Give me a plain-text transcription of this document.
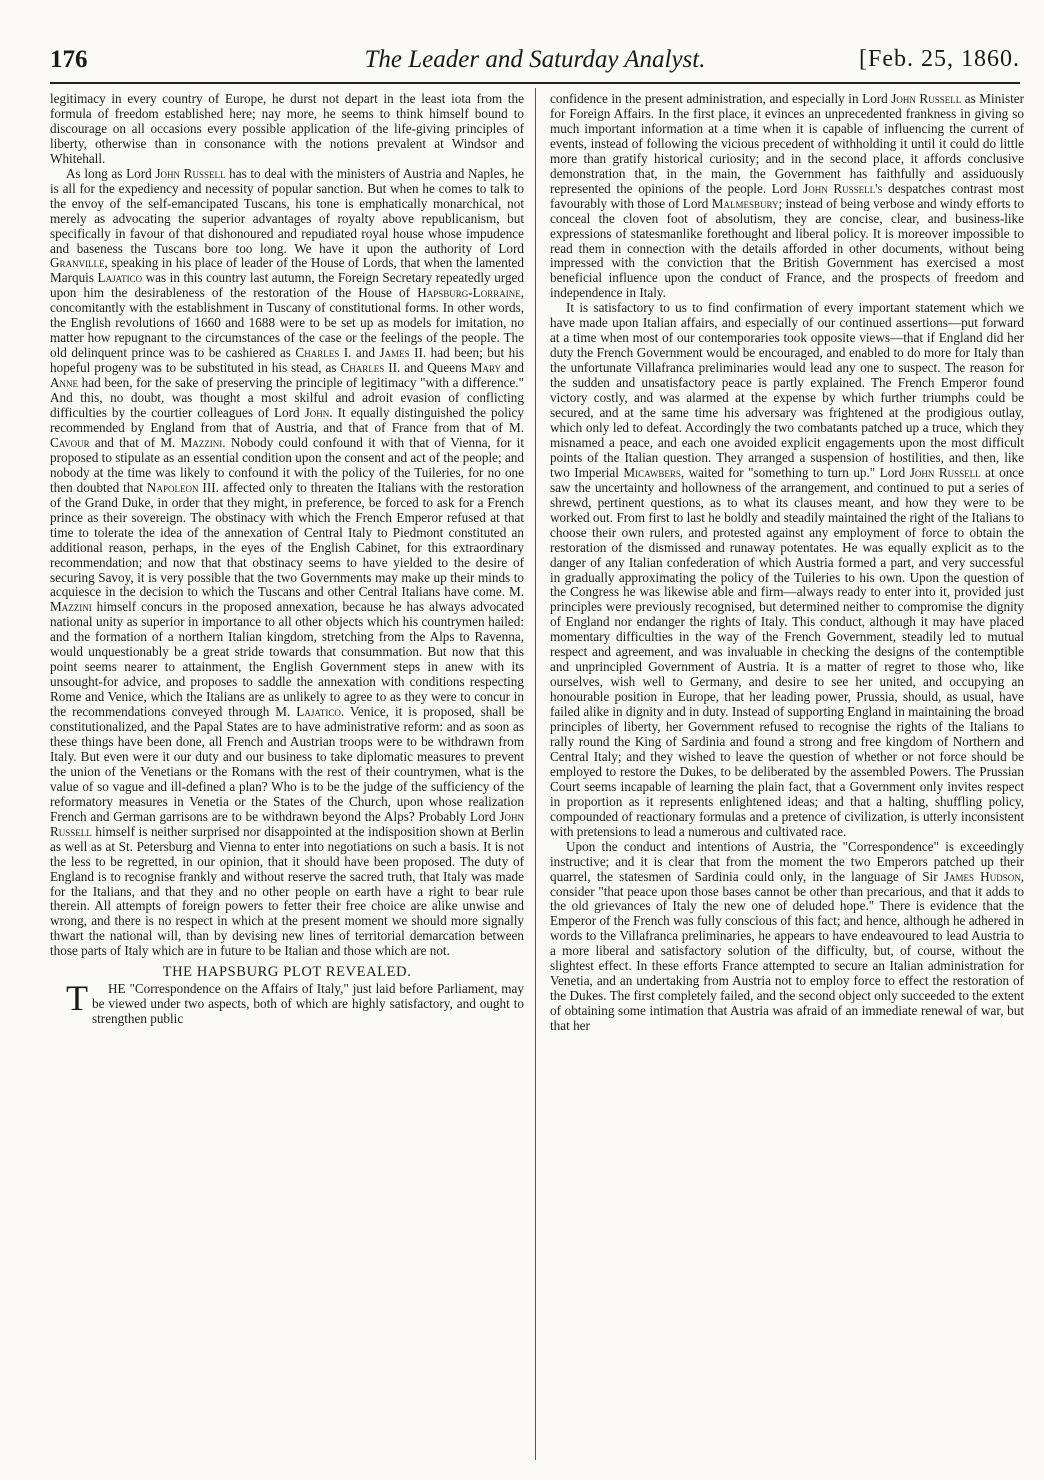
176	The Leader and Saturday Analyst.	[Feb. 25, 1860.

legitimacy in every country of Europe, he durst not depart in the least iota from the formula of freedom established here; nay more, he seems to think himself bound to discourage on all occasions every possible application of the life-giving principles of liberty, otherwise than in consonance with the notions prevalent at Windsor and Whitehall.

As long as Lord John Russell has to deal with the ministers of Austria and Naples, he is all for the expediency and necessity of popular sanction. But when he comes to talk to the envoy of the self-emancipated Tuscans, his tone is emphatically monarchical, not merely as advocating the superior advantages of royalty above republicanism, but specifically in favour of that dishonoured and repudiated royal house whose impudence and baseness the Tuscans bore too long. We have it upon the authority of Lord Granville, speaking in his place of leader of the House of Lords, that when the lamented Marquis Lajatico was in this country last autumn, the Foreign Secretary repeatedly urged upon him the desirableness of the restoration of the House of Hapsburg-Lorraine, concomitantly with the establishment in Tuscany of constitutional forms. In other words, the English revolutions of 1660 and 1688 were to be set up as models for imitation, no matter how repugnant to the circumstances of the case or the feelings of the people. The old delinquent prince was to be cashiered as Charles I. and James II. had been; but his hopeful progeny was to be substituted in his stead, as Charles II. and Queens Mary and Anne had been, for the sake of preserving the principle of legitimacy "with a difference." And this, no doubt, was thought a most skilful and adroit evasion of conflicting difficulties by the courtier colleagues of Lord John. It equally distinguished the policy recommended by England from that of Austria, and that of France from that of M. Cavour and that of M. Mazzini. Nobody could confound it with that of Vienna, for it proposed to stipulate as an essential condition upon the consent and act of the people; and nobody at the time was likely to confound it with the policy of the Tuileries, for no one then doubted that Napoleon III. affected only to threaten the Italians with the restoration of the Grand Duke, in order that they might, in preference, be forced to ask for a French prince as their sovereign. The obstinacy with which the French Emperor refused at that time to tolerate the idea of the annexation of Central Italy to Piedmont constituted an additional reason, perhaps, in the eyes of the English Cabinet, for this extraordinary recommendation; and now that that obstinacy seems to have yielded to the desire of securing Savoy, it is very possible that the two Governments may make up their minds to acquiesce in the decision to which the Tuscans and other Central Italians have come. M. Mazzini himself concurs in the proposed annexation, because he has always advocated national unity as superior in importance to all other objects which his countrymen hailed: and the formation of a northern Italian kingdom, stretching from the Alps to Ravenna, would unquestionably be a great stride towards that consummation. But now that this point seems nearer to attainment, the English Government steps in anew with its unsought-for advice, and proposes to saddle the annexation with conditions respecting Rome and Venice, which the Italians are as unlikely to agree to as they were to concur in the recommendations conveyed through M. Lajatico. Venice, it is proposed, shall be constitutionalized, and the Papal States are to have administrative reform: and as soon as these things have been done, all French and Austrian troops were to be withdrawn from Italy. But even were it our duty and our business to take diplomatic measures to prevent the union of the Venetians or the Romans with the rest of their countrymen, what is the value of so vague and ill-defined a plan? Who is to be the judge of the sufficiency of the reformatory measures in Venetia or the States of the Church, upon whose realization French and German garrisons are to be withdrawn beyond the Alps? Probably Lord John Russell himself is neither surprised nor disappointed at the indisposition shown at Berlin as well as at St. Petersburg and Vienna to enter into negotiations on such a basis. It is not the less to be regretted, in our opinion, that it should have been proposed. The duty of England is to recognise frankly and without reserve the sacred truth, that Italy was made for the Italians, and that they and no other people on earth have a right to bear rule therein. All attempts of foreign powers to fetter their free choice are alike unwise and wrong, and there is no respect in which at the present moment we should more signally thwart the national will, than by devising new lines of territorial demarcation between those parts of Italy which are in future to be Italian and those which are not.

THE HAPSBURG PLOT REVEALED.

T HE "Correspondence on the Affairs of Italy," just laid before Parliament, may be viewed under two aspects, both of which are highly satisfactory, and ought to strengthen public

confidence in the present administration, and especially in Lord John Russell as Minister for Foreign Affairs. In the first place, it evinces an unprecedented frankness in giving so much important information at a time when it is capable of influencing the current of events, instead of following the vicious precedent of withholding it until it could do little more than gratify historical curiosity; and in the second place, it affords conclusive demonstration that, in the main, the Government has faithfully and assiduously represented the opinions of the people. Lord John Russell's despatches contrast most favourably with those of Lord Malmesbury; instead of being verbose and windy efforts to conceal the cloven foot of absolutism, they are concise, clear, and business-like expressions of statesmanlike forethought and liberal policy. It is moreover impossible to read them in connection with the details afforded in other documents, without being impressed with the conviction that the British Government has exercised a most beneficial influence upon the conduct of France, and the prospects of freedom and independence in Italy.

It is satisfactory to us to find confirmation of every important statement which we have made upon Italian affairs, and especially of our continued assertions—put forward at a time when most of our contemporaries took opposite views—that if England did her duty the French Government would be encouraged, and enabled to do more for Italy than the unfortunate Villafranca preliminaries would lead any one to suspect. The reason for the sudden and unsatisfactory peace is partly explained. The French Emperor found victory costly, and was alarmed at the expense by which further triumphs could be secured, and at the same time his adversary was frightened at the prodigious outlay, which only led to defeat. Accordingly the two combatants patched up a truce, which they misnamed a peace, and each one avoided explicit engagements upon the most difficult points of the Italian question. They arranged a suspension of hostilities, and then, like two Imperial Micawbers, waited for "something to turn up." Lord John Russell at once saw the uncertainty and hollowness of the arrangement, and continued to put a series of shrewd, pertinent questions, as to what its clauses meant, and how they were to be worked out. From first to last he boldly and steadily maintained the right of the Italians to choose their own rulers, and protested against any employment of force to obtain the restoration of the dismissed and runaway potentates. He was equally explicit as to the danger of any Italian confederation of which Austria formed a part, and very successful in gradually approximating the policy of the Tuileries to his own. Upon the question of the Congress he was likewise able and firm—always ready to enter into it, provided just principles were previously recognised, but determined neither to compromise the dignity of England nor endanger the rights of Italy. This conduct, although it may have placed momentary difficulties in the way of the French Government, steadily led to mutual respect and agreement, and was invaluable in checking the designs of the contemptible and unprincipled Government of Austria. It is a matter of regret to those who, like ourselves, wish well to Germany, and desire to see her united, and occupying an honourable position in Europe, that her leading power, Prussia, should, as usual, have failed alike in dignity and in duty. Instead of supporting England in maintaining the broad principles of liberty, her Government refused to recognise the rights of the Italians to rally round the King of Sardinia and found a strong and free kingdom of Northern and Central Italy; and they wished to leave the question of whether or not force should be employed to restore the Dukes, to be deliberated by the assembled Powers. The Prussian Court seems incapable of learning the plain fact, that a Government only invites respect in proportion as it represents enlightened ideas; and that a halting, shuffling policy, compounded of reactionary formulas and a pretence of civilization, is utterly inconsistent with pretensions to lead a numerous and cultivated race.

Upon the conduct and intentions of Austria, the "Correspondence" is exceedingly instructive; and it is clear that from the moment the two Emperors patched up their quarrel, the statesmen of Sardinia could only, in the language of Sir James Hudson, consider "that peace upon those bases cannot be other than precarious, and that it adds to the old grievances of Italy the new one of deluded hope." There is evidence that the Emperor of the French was fully conscious of this fact; and hence, although he adhered in words to the Villafranca preliminaries, he appears to have endeavoured to lead Austria to a more liberal and satisfactory solution of the difficulty, but, of course, without the slightest effect. In these efforts France attempted to secure an Italian administration for Venetia, and an undertaking from Austria not to employ force to effect the restoration of the Dukes. The first completely failed, and the second object only succeeded to the extent of obtaining some intimation that Austria was afraid of an immediate renewal of war, but that her
